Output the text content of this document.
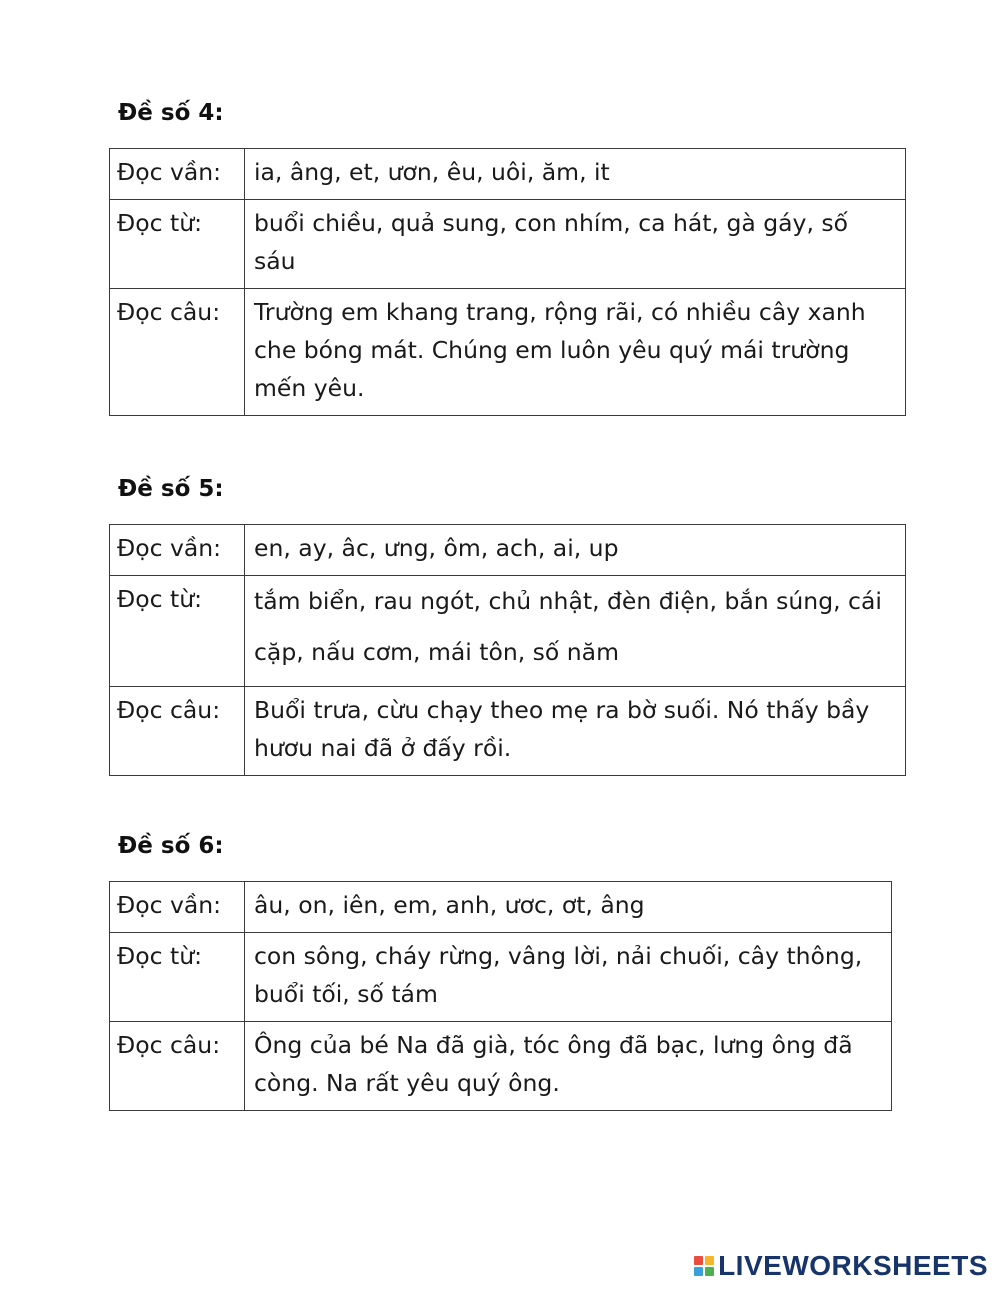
Đề số 4:
Đọc vần:	ia, âng, et, ươn, êu, uôi, ăm, it
Đọc từ:	buổi chiều, quả sung, con nhím, ca hát, gà gáy, số sáu
Đọc câu:	Trường em khang trang, rộng rãi, có nhiều cây xanh che bóng mát. Chúng em luôn yêu quý mái trường mến yêu.
Đề số 5:
Đọc vần:	en, ay, âc, ưng, ôm, ach, ai, up
Đọc từ:	tắm biển, rau ngót, chủ nhật, đèn điện, bắn súng, cái cặp, nấu cơm, mái tôn, số năm
Đọc câu:	Buổi trưa, cừu chạy theo mẹ ra bờ suối. Nó thấy bầy hươu nai đã ở đấy rồi.
Đề số 6:
Đọc vần:	âu, on, iên, em, anh, ươc, ơt, âng
Đọc từ:	con sông, cháy rừng, vâng lời, nải chuối, cây thông, buổi tối, số tám
Đọc câu:	Ông của bé Na đã già, tóc ông đã bạc, lưng ông đã còng. Na rất yêu quý ông.
LIVEWORKSHEETS
